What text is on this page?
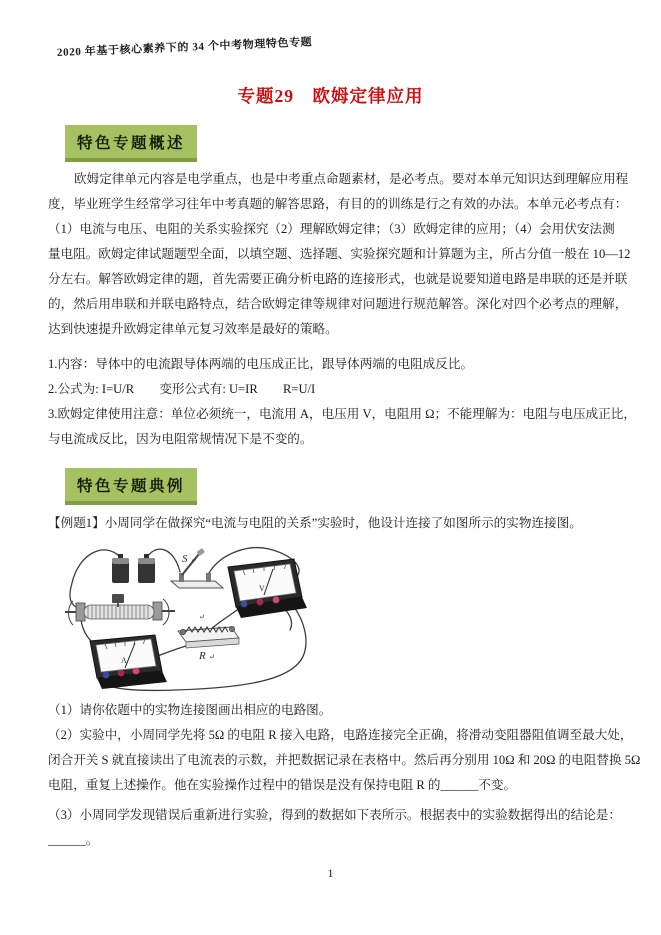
2020 年基于核心素养下的 34 个中考物理特色专题
专题29　欧姆定律应用
特色专题概述
欧姆定律单元内容是电学重点，也是中考重点命题素材，是必考点。要对本单元知识达到理解应用程
度，毕业班学生经常学习往年中考真题的解答思路，有目的的训练是行之有效的办法。本单元必考点有：
（1）电流与电压、电阻的关系实验探究（2）理解欧姆定律；（3）欧姆定律的应用；（4）会用伏安法测
量电阻。欧姆定律试题题型全面，以填空题、选择题、实验探究题和计算题为主，所占分值一般在 10—12
分左右。解答欧姆定律的题，首先需要正确分析电路的连接形式，也就是说要知道电路是串联的还是并联
的，然后用串联和并联电路特点，结合欧姆定律等规律对问题进行规范解答。深化对四个必考点的理解，
达到快速提升欧姆定律单元复习效率是最好的策略。
1.内容：导体中的电流跟导体两端的电压成正比，跟导体两端的电阻成反比。
2.公式为: I=U/R　　变形公式有: U=IR　　R=U/I
3.欧姆定律使用注意：单位必须统一，电流用 A，电压用 V，电阻用 Ω；不能理解为：电阻与电压成正比，
与电流成反比，因为电阻常规情况下是不变的。
特色专题典例
【例题1】小周同学在做探究“电流与电阻的关系”实验时，他设计连接了如图所示的实物连接图。
S ↵
V
A	R ↵
↵
（1）请你依题中的实物连接图画出相应的电路图。
（2）实验中，小周同学先将 5Ω 的电阻 R 接入电路，电路连接完全正确，将滑动变阻器阻值调至最大处，
闭合开关 S 就直接读出了电流表的示数，并把数据记录在表格中。然后再分别用 10Ω 和 20Ω 的电阻替换 5Ω
电阻，重复上述操作。他在实验操作过程中的错误是没有保持电阻 R 的______不变。
（3）小周同学发现错误后重新进行实验，得到的数据如下表所示。根据表中的实验数据得出的结论是：
______。
1
